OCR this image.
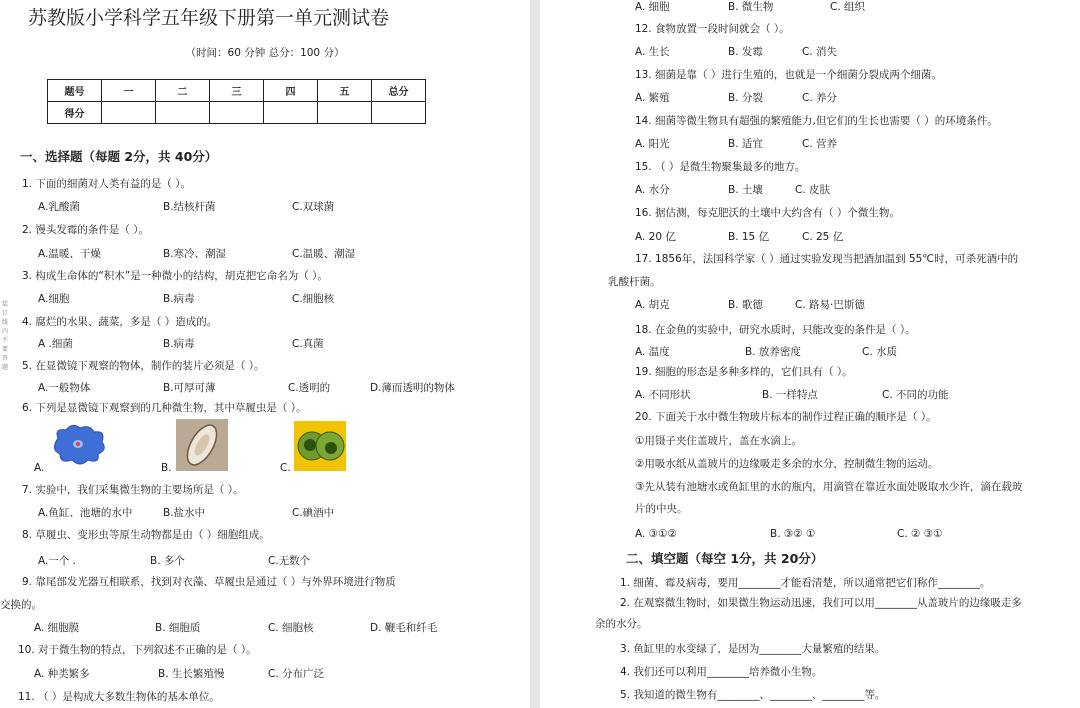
苏教版小学科学五年级下册第一单元测试卷
（时间：60 分钟 总分：100 分）
题号	一	二	三	四	五	总分
得分						
一、选择题（每题 2分，共 40分）
1. 下面的细菌对人类有益的是（ ）。
A.乳酸菌	B.结核杆菌	C.双球菌
2. 馒头发霉的条件是（ ）。
A.温暖、干燥	B.寒冷、潮湿	C.温暖、潮湿
3. 构成生命体的“积木”是一种微小的结构，胡克把它命名为（ ）。
A.细胞	B.病毒	C.细胞核
4. 腐烂的水果、蔬菜，多是（ ）造成的。
A .细菌	B.病毒	C.真菌
5. 在显微镜下观察的物体，制作的装片必须是（ ）。
A.一般物体	B.可厚可薄	C.透明的	D.薄而透明的物体
6. 下列是显微镜下观察到的几种微生物，其中草履虫是（ ）。
A.	B.	C.
7. 实验中，我们采集微生物的主要场所是（ ）。
A.鱼缸、池塘的水中	B.盐水中	C.碘酒中
8. 草履虫、变形虫等原生动物都是由（ ）细胞组成。
A.一个 .	B. 多个	C.无数个
9. 靠尾部发光器互相联系，找到对衣藻、草履虫是通过（ ）与外界环境进行物质
交换的。
A. 细胞膜	B. 细胞质	C. 细胞核	D. 鞭毛和纤毛
10. 对于微生物的特点，下列叙述不正确的是（ ）。
A. 种类繁多	B. 生长繁殖慢	C. 分布广泛
11. （ ）是构成大多数生物体的基本单位。
装订线内不要答题
A. 细胞	B. 微生物	C. 组织
12. 食物放置一段时间就会（ ）。
A. 生长	B. 发霉	C. 消失
13. 细菌是靠（ ）进行生殖的，也就是一个细菌分裂成两个细菌。
A. 繁殖	B. 分裂	C. 养分
14. 细菌等微生物具有超强的繁殖能力,但它们的生长也需要（ ）的环境条件。
A. 阳光	B. 适宜	C. 营养
15. （ ）是微生物聚集最多的地方。
A. 水分	B. 土壤	C. 皮肤
16. 据估测，每克肥沃的土壤中大约含有（ ）个微生物。
A. 20 亿	B. 15 亿	C. 25 亿
17. 1856年，法国科学家（ ）通过实验发现当把酒加温到 55℃时，可杀死酒中的
乳酸杆菌。
A. 胡克	B. 歌德	C. 路易·巴斯德
18. 在金鱼的实验中，研究水质时，只能改变的条件是（ ）。
A. 温度	B. 放养密度	C. 水质
19. 细胞的形态是多种多样的，它们具有（ ）。
A. 不同形状	B. 一样特点	C. 不同的功能
20. 下面关于水中微生物玻片标本的制作过程正确的顺序是（ ）。
①用镊子夹住盖玻片，盖在水滴上。
②用吸水纸从盖玻片的边缘吸走多余的水分，控制微生物的运动。
③先从装有池塘水或鱼缸里的水的瓶内，用滴管在靠近水面处吸取水少许，滴在载玻
片的中央。
A. ③①②	B. ③② ①	C. ② ③①
二、填空题（每空 1分，共 20分）
1. 细菌、霉及病毒，要用________才能看清楚，所以通常把它们称作________。
2. 在观察微生物时，如果微生物运动迅速，我们可以用________从盖玻片的边缘吸走多
余的水分。
3. 鱼缸里的水变绿了，是因为________大量繁殖的结果。
4. 我们还可以利用________培养微小生物。
5. 我知道的微生物有________、________、________等。
